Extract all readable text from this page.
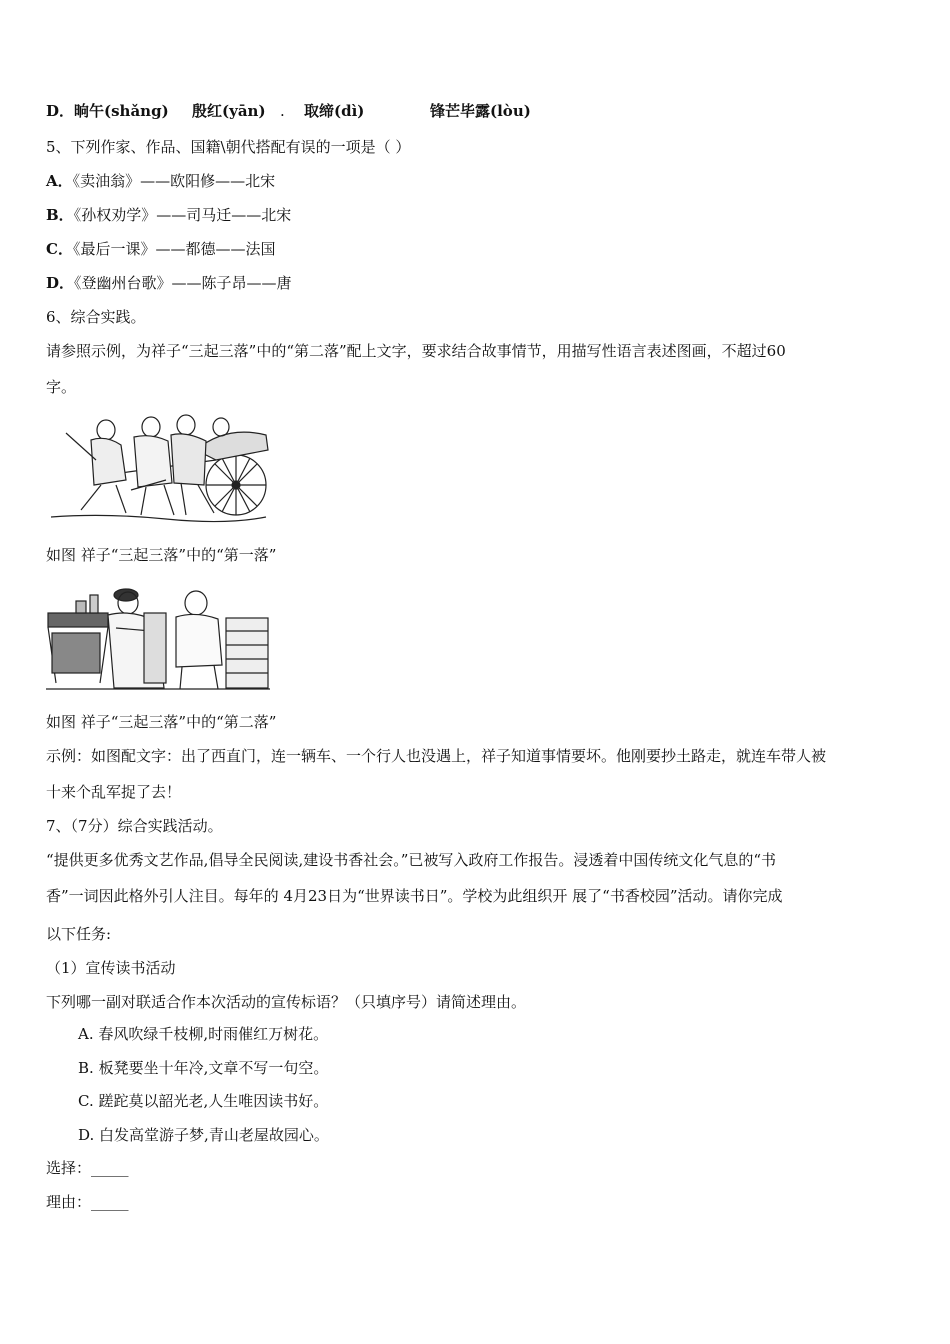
D．晌午(shǎng) 殷红(yān) . 取缔(dì)	锋芒毕露(lòu)
5、下列作家、作品、国籍\朝代搭配有误的一项是（ ）
A．《卖油翁》——欧阳修——北宋
B．《孙权劝学》——司马迁——北宋
C．《最后一课》——都德——法国
D．《登幽州台歌》——陈子昂——唐
6、综合实践。
请参照示例，为祥子“三起三落”中的“第二落”配上文字，要求结合故事情节，用描写性语言表述图画，不超过60
字。
如图 祥子“三起三落”中的“第一落”
如图 祥子“三起三落”中的“第二落”
示例：如图配文字：出了西直门，连一辆车、一个行人也没遇上，祥子知道事情要坏。他刚要抄土路走，就连车带人被
十来个乱军捉了去！
7、（7分）综合实践活动。
“提供更多优秀文艺作品,倡导全民阅读,建设书香社会。”已被写入政府工作报告。浸透着中国传统文化气息的“书
香”一词因此格外引人注目。每年的 4月23日为“世界读书日”。学校为此组织开 展了“书香校园”活动。请你完成
以下任务:
（1）宣传读书活动
下列哪一副对联适合作本次活动的宣传标语？（只填序号）请简述理由。
A. 春风吹绿千枝柳,时雨催红万树花。
B. 板凳要坐十年冷,文章不写一句空。
C. 蹉跎莫以韶光老,人生唯因读书好。
D. 白发高堂游子梦,青山老屋故园心。
选择：_____
理由：_____
